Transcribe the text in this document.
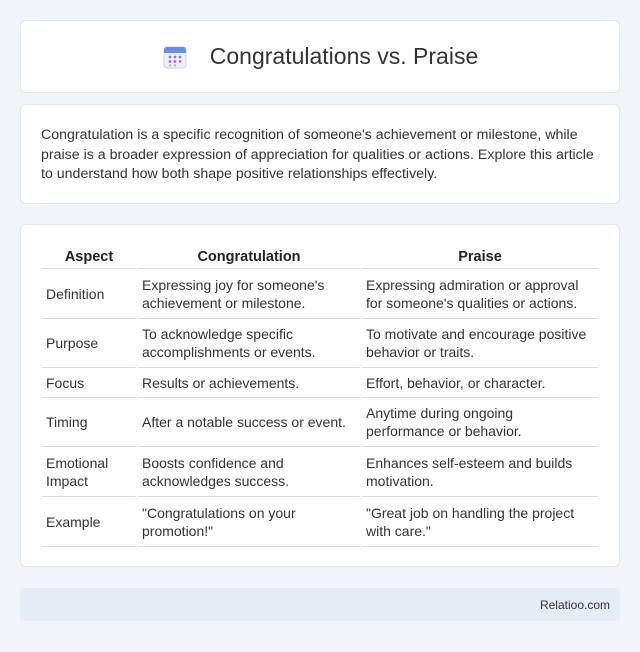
Congratulations vs. Praise

Congratulation is a specific recognition of someone's achievement or milestone, while praise is a broader expression of appreciation for qualities or actions. Explore this article to understand how both shape positive relationships effectively.

Aspect	Congratulation	Praise
Definition	Expressing joy for someone's achievement or milestone.	Expressing admiration or approval for someone's qualities or actions.
Purpose	To acknowledge specific accomplishments or events.	To motivate and encourage positive behavior or traits.
Focus	Results or achievements.	Effort, behavior, or character.
Timing	After a notable success or event.	Anytime during ongoing performance or behavior.
Emotional Impact	Boosts confidence and acknowledges success.	Enhances self-esteem and builds motivation.
Example	"Congratulations on your promotion!"	"Great job on handling the project with care."
Relatioo.com
